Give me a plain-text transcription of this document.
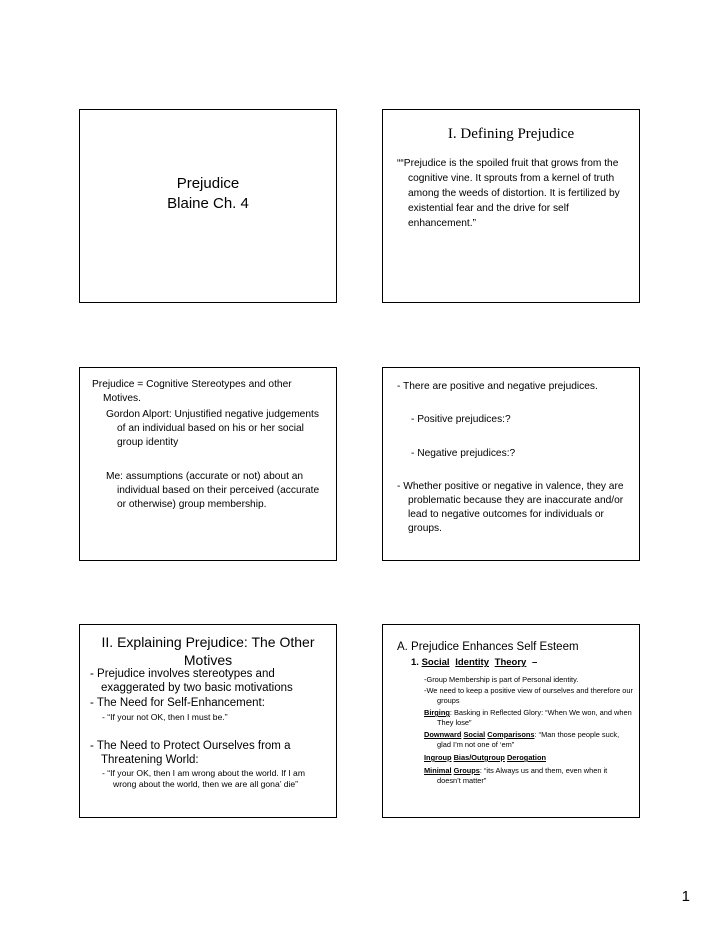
Prejudice
Blaine Ch. 4
I. Defining Prejudice
““Prejudice is the spoiled fruit that grows from the cognitive vine. It sprouts from a kernel of truth among the weeds of distortion. It is fertilized by existential fear and the drive for self enhancement.”
Prejudice = Cognitive Stereotypes and other Motives.
Gordon Alport: Unjustified negative judgements of an individual based on his or her social group identity
Me: assumptions (accurate or not) about an individual based on their perceived (accurate or otherwise) group membership.
- There are positive and negative prejudices.
- Positive prejudices:?
- Negative prejudices:?
- Whether positive or negative in valence, they are problematic because they are inaccurate and/or lead to negative outcomes for individuals or groups.
II. Explaining Prejudice: The Other Motives
- Prejudice involves stereotypes and exaggerated by two basic motivations
- The Need for Self-Enhancement:
- “If your not OK, then I must be.”
- The Need to Protect Ourselves from a Threatening World:
- “If your OK, then I am wrong about the world. If I am wrong about the world, then we are all gona’ die”
A. Prejudice Enhances Self Esteem
1. Social Identity Theory –
-Group Membership is part of Personal identity.
-We need to keep a positive view of ourselves and therefore our groups
Birging: Basking in Reflected Glory: “When We won, and when They lose”
Downward Social Comparisons: “Man those people suck, glad I’m not one of ‘em”
Ingroup Bias/Outgroup Derogation
Minimal Groups: “its Always us and them, even when it doesn’t matter”
1
